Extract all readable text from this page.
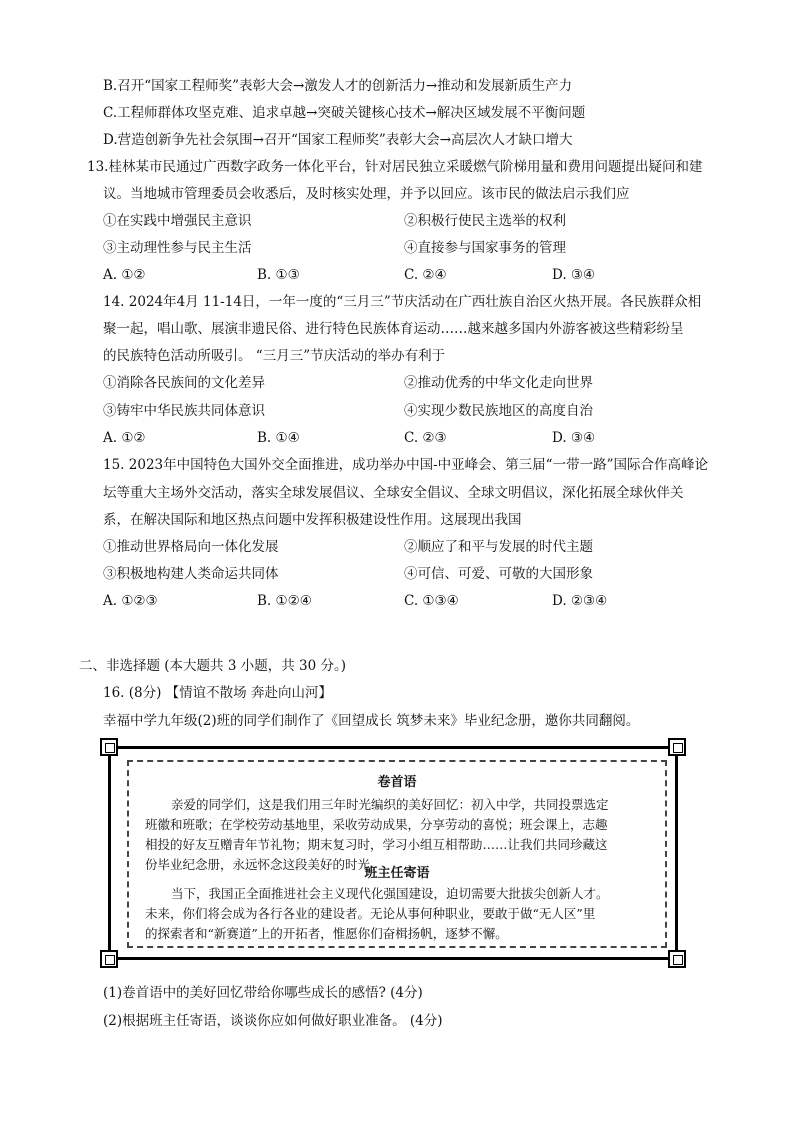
B.召开“国家工程师奖”表彰大会→激发人才的创新活力→推动和发展新质生产力
C.工程师群体攻坚克难、追求卓越→突破关键核心技术→解决区域发展不平衡问题
D.营造创新争先社会氛围→召开“国家工程师奖”表彰大会→高层次人才缺口增大
13.桂林某市民通过广西数字政务一体化平台，针对居民独立采暖燃气阶梯用量和费用问题提出疑问和建
议。当地城市管理委员会收悉后，及时核实处理，并予以回应。该市民的做法启示我们应
①在实践中增强民主意识	②积极行使民主选举的权利
③主动理性参与民主生活	④直接参与国家事务的管理
A. ①②	B. ①③	C. ②④	D. ③④
14. 2024年4月 11-14日，一年一度的“三月三”节庆活动在广西壮族自治区火热开展。各民族群众相
聚一起，唱山歌、展演非遗民俗、进行特色民族体育运动……越来越多国内外游客被这些精彩纷呈
的民族特色活动所吸引。 “三月三”节庆活动的举办有利于
①消除各民族间的文化差异	②推动优秀的中华文化走向世界
③铸牢中华民族共同体意识	④实现少数民族地区的高度自治
A. ①②	B. ①④	C. ②③	D. ③④
15. 2023年中国特色大国外交全面推进，成功举办中国-中亚峰会、第三届“一带一路”国际合作高峰论
坛等重大主场外交活动，落实全球发展倡议、全球安全倡议、全球文明倡议，深化拓展全球伙伴关
系，在解决国际和地区热点问题中发挥积极建设性作用。这展现出我国
①推动世界格局向一体化发展	②顺应了和平与发展的时代主题
③积极地构建人类命运共同体	④可信、可爱、可敬的大国形象
A. ①②③	B. ①②④	C. ①③④	D. ②③④
二、非选择题 (本大题共 3 小题，共 30 分。)
16. (8分) 【情谊不散场 奔赴向山河】
幸福中学九年级(2)班的同学们制作了《回望成长 筑梦未来》毕业纪念册，邀你共同翻阅。
卷首语
亲爱的同学们，这是我们用三年时光编织的美好回忆：初入中学，共同投票选定
班徽和班歌；在学校劳动基地里，采收劳动成果，分享劳动的喜悦；班会课上，志趣
相投的好友互赠青年节礼物；期末复习时，学习小组互相帮助……让我们共同珍藏这
份毕业纪念册，永远怀念这段美好的时光。
班主任寄语
当下，我国正全面推进社会主义现代化强国建设，迫切需要大批拔尖创新人才。
未来，你们将会成为各行各业的建设者。无论从事何种职业，要敢于做“无人区”里
的探索者和“新赛道”上的开拓者，惟愿你们奋楫扬帆，逐梦不懈。
(1)卷首语中的美好回忆带给你哪些成长的感悟? (4分)
(2)根据班主任寄语，谈谈你应如何做好职业准备。 (4分)
